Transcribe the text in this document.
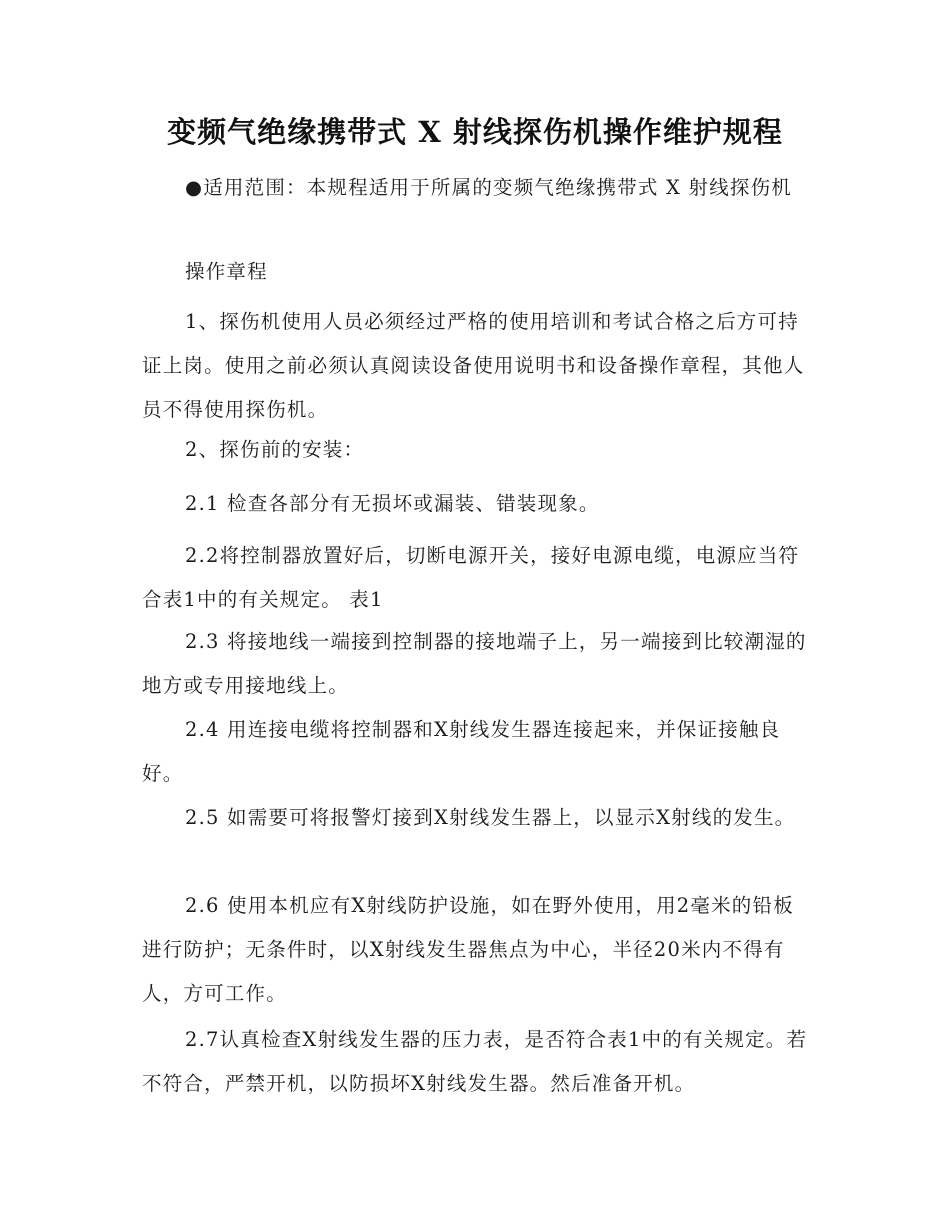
变频气绝缘携带式 X 射线探伤机操作维护规程

●适用范围：本规程适用于所属的变频气绝缘携带式 X 射线探伤机

操作章程

1、探伤机使用人员必须经过严格的使用培训和考试合格之后方可持证上岗。使用之前必须认真阅读设备使用说明书和设备操作章程，其他人员不得使用探伤机。

2、探伤前的安装：

2.1 检查各部分有无损坏或漏装、错装现象。

2.2将控制器放置好后，切断电源开关，接好电源电缆，电源应当符合表1中的有关规定。 表1

2.3 将接地线一端接到控制器的接地端子上，另一端接到比较潮湿的地方或专用接地线上。

2.4 用连接电缆将控制器和X射线发生器连接起来，并保证接触良好。

2.5 如需要可将报警灯接到X射线发生器上，以显示X射线的发生。

2.6 使用本机应有X射线防护设施，如在野外使用，用2毫米的铅板进行防护；无条件时，以X射线发生器焦点为中心，半径20米内不得有人，方可工作。

2.7认真检查X射线发生器的压力表，是否符合表1中的有关规定。若不符合，严禁开机，以防损坏X射线发生器。然后准备开机。
